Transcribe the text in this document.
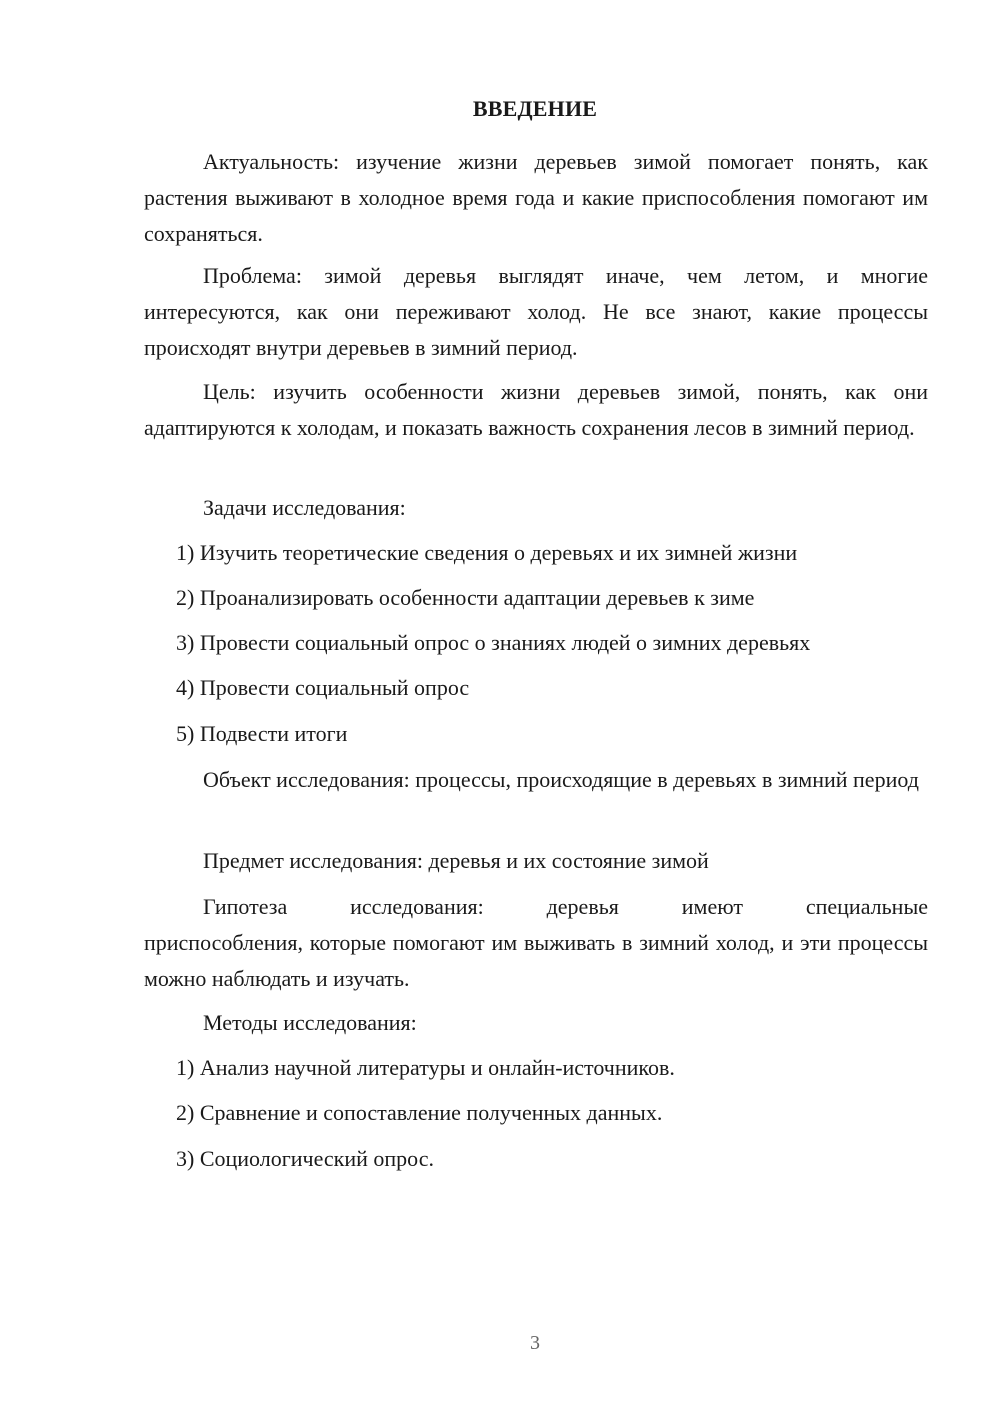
ВВЕДЕНИЕ

Актуальность: изучение жизни деревьев зимой помогает понять, как растения выживают в холодное время года и какие приспособления помогают им сохраняться.

Проблема: зимой деревья выглядят иначе, чем летом, и многие интересуются, как они переживают холод. Не все знают, какие процессы происходят внутри деревьев в зимний период.

Цель: изучить особенности жизни деревьев зимой, понять, как они адаптируются к холодам, и показать важность сохранения лесов в зимний период.

Задачи исследования:

1) Изучить теоретические сведения о деревьях и их зимней жизни

2) Проанализировать особенности адаптации деревьев к зиме

3) Провести социальный опрос о знаниях людей о зимних деревьях

4) Провести социальный опрос

5) Подвести итоги

Объект исследования: процессы, происходящие в деревьях в зимний период

Предмет исследования: деревья и их состояние зимой

Гипотеза исследования: деревья имеют специальные

приспособления, которые помогают им выживать в зимний холод, и эти процессы можно наблюдать и изучать.

Методы исследования:

1) Анализ научной литературы и онлайн-источников.

2) Сравнение и сопоставление полученных данных.

3) Социологический опрос.

3
